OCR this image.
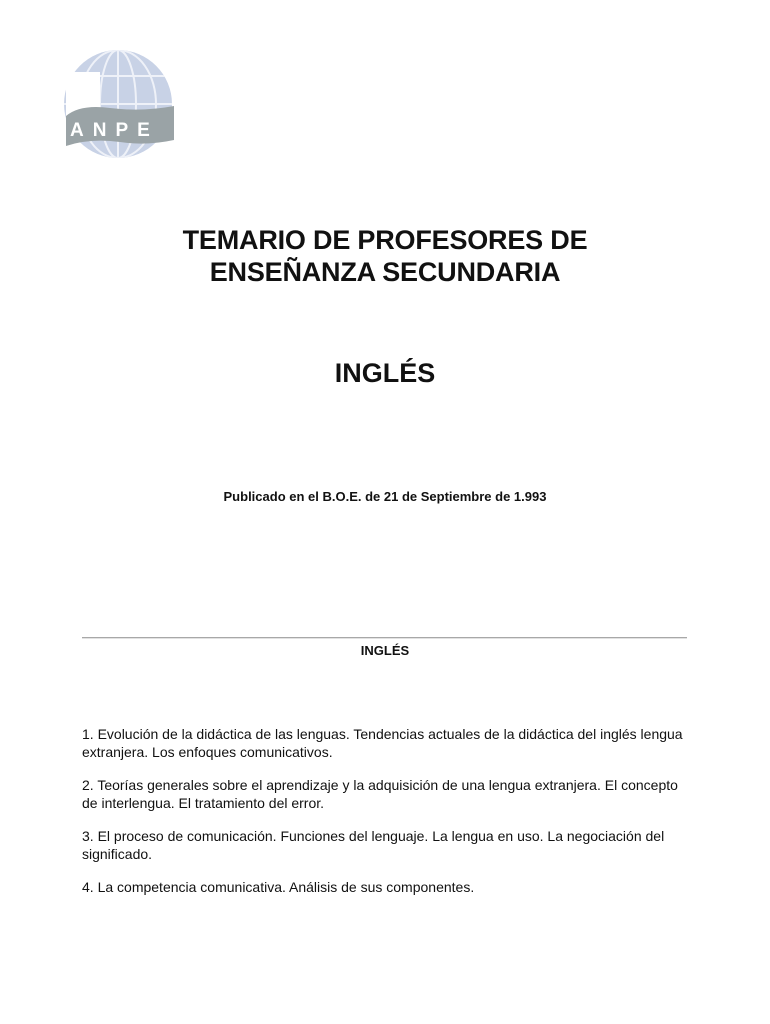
ANPE
TEMARIO DE PROFESORES DE
ENSEÑANZA SECUNDARIA
INGLÉS
Publicado en el B.O.E. de 21 de Septiembre de 1.993
INGLÉS
1. Evolución de la didáctica de las lenguas. Tendencias actuales de la didáctica del inglés lengua extranjera. Los enfoques comunicativos.
2. Teorías generales sobre el aprendizaje y la adquisición de una lengua extranjera. El concepto de interlengua. El tratamiento del error.
3. El proceso de comunicación. Funciones del lenguaje. La lengua en uso. La negociación del significado.
4. La competencia comunicativa. Análisis de sus componentes.
